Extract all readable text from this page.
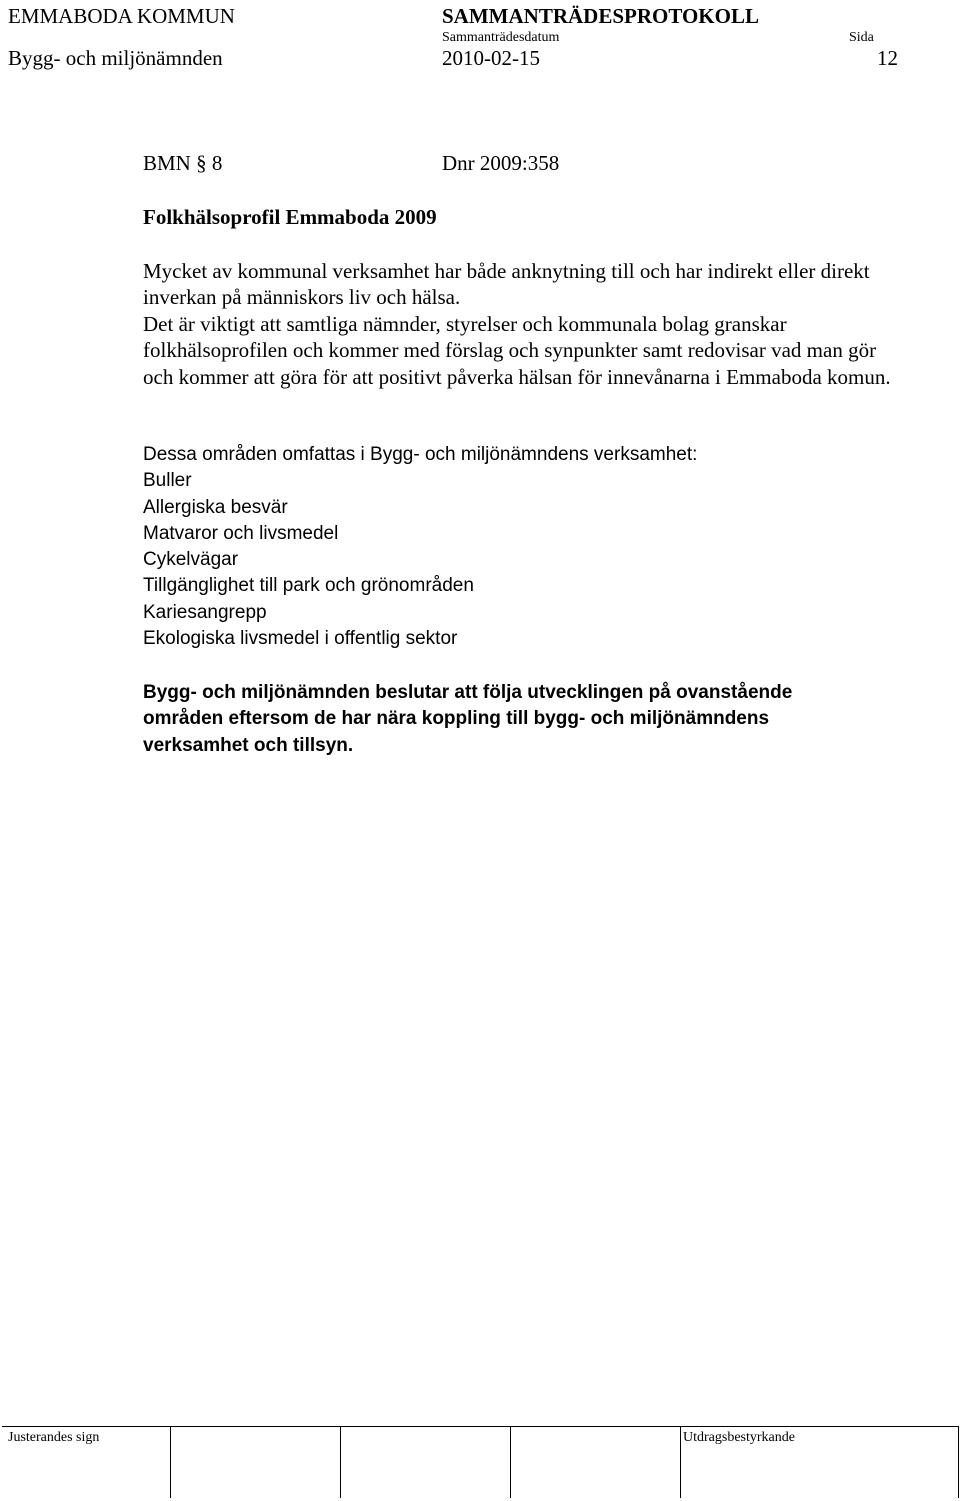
EMMABODA KOMMUN	SAMMANTRÄDESPROTOKOLL
Sammanträdesdatum	Sida
Bygg- och miljönämnden	2010-02-15	12
BMN § 8	Dnr 2009:358
Folkhälsoprofil Emmaboda 2009

Mycket av kommunal verksamhet har både anknytning till och har indirekt eller direkt inverkan på människors liv och hälsa.

Det är viktigt att samtliga nämnder, styrelser och kommunala bolag granskar folkhälsoprofilen och kommer med förslag och synpunkter samt redovisar vad man gör och kommer att göra för att positivt påverka hälsan för innevånarna i Emmaboda komun.

Dessa områden omfattas i Bygg- och miljönämndens verksamhet:
Buller
Allergiska besvär
Matvaror och livsmedel
Cykelvägar
Tillgänglighet till park och grönområden
Kariesangrepp
Ekologiska livsmedel i offentlig sektor
Bygg- och miljönämnden beslutar att följa utvecklingen på ovanstående områden eftersom de har nära koppling till bygg- och miljönämndens verksamhet och tillsyn.
Justerandes sign	Utdragsbestyrkande
